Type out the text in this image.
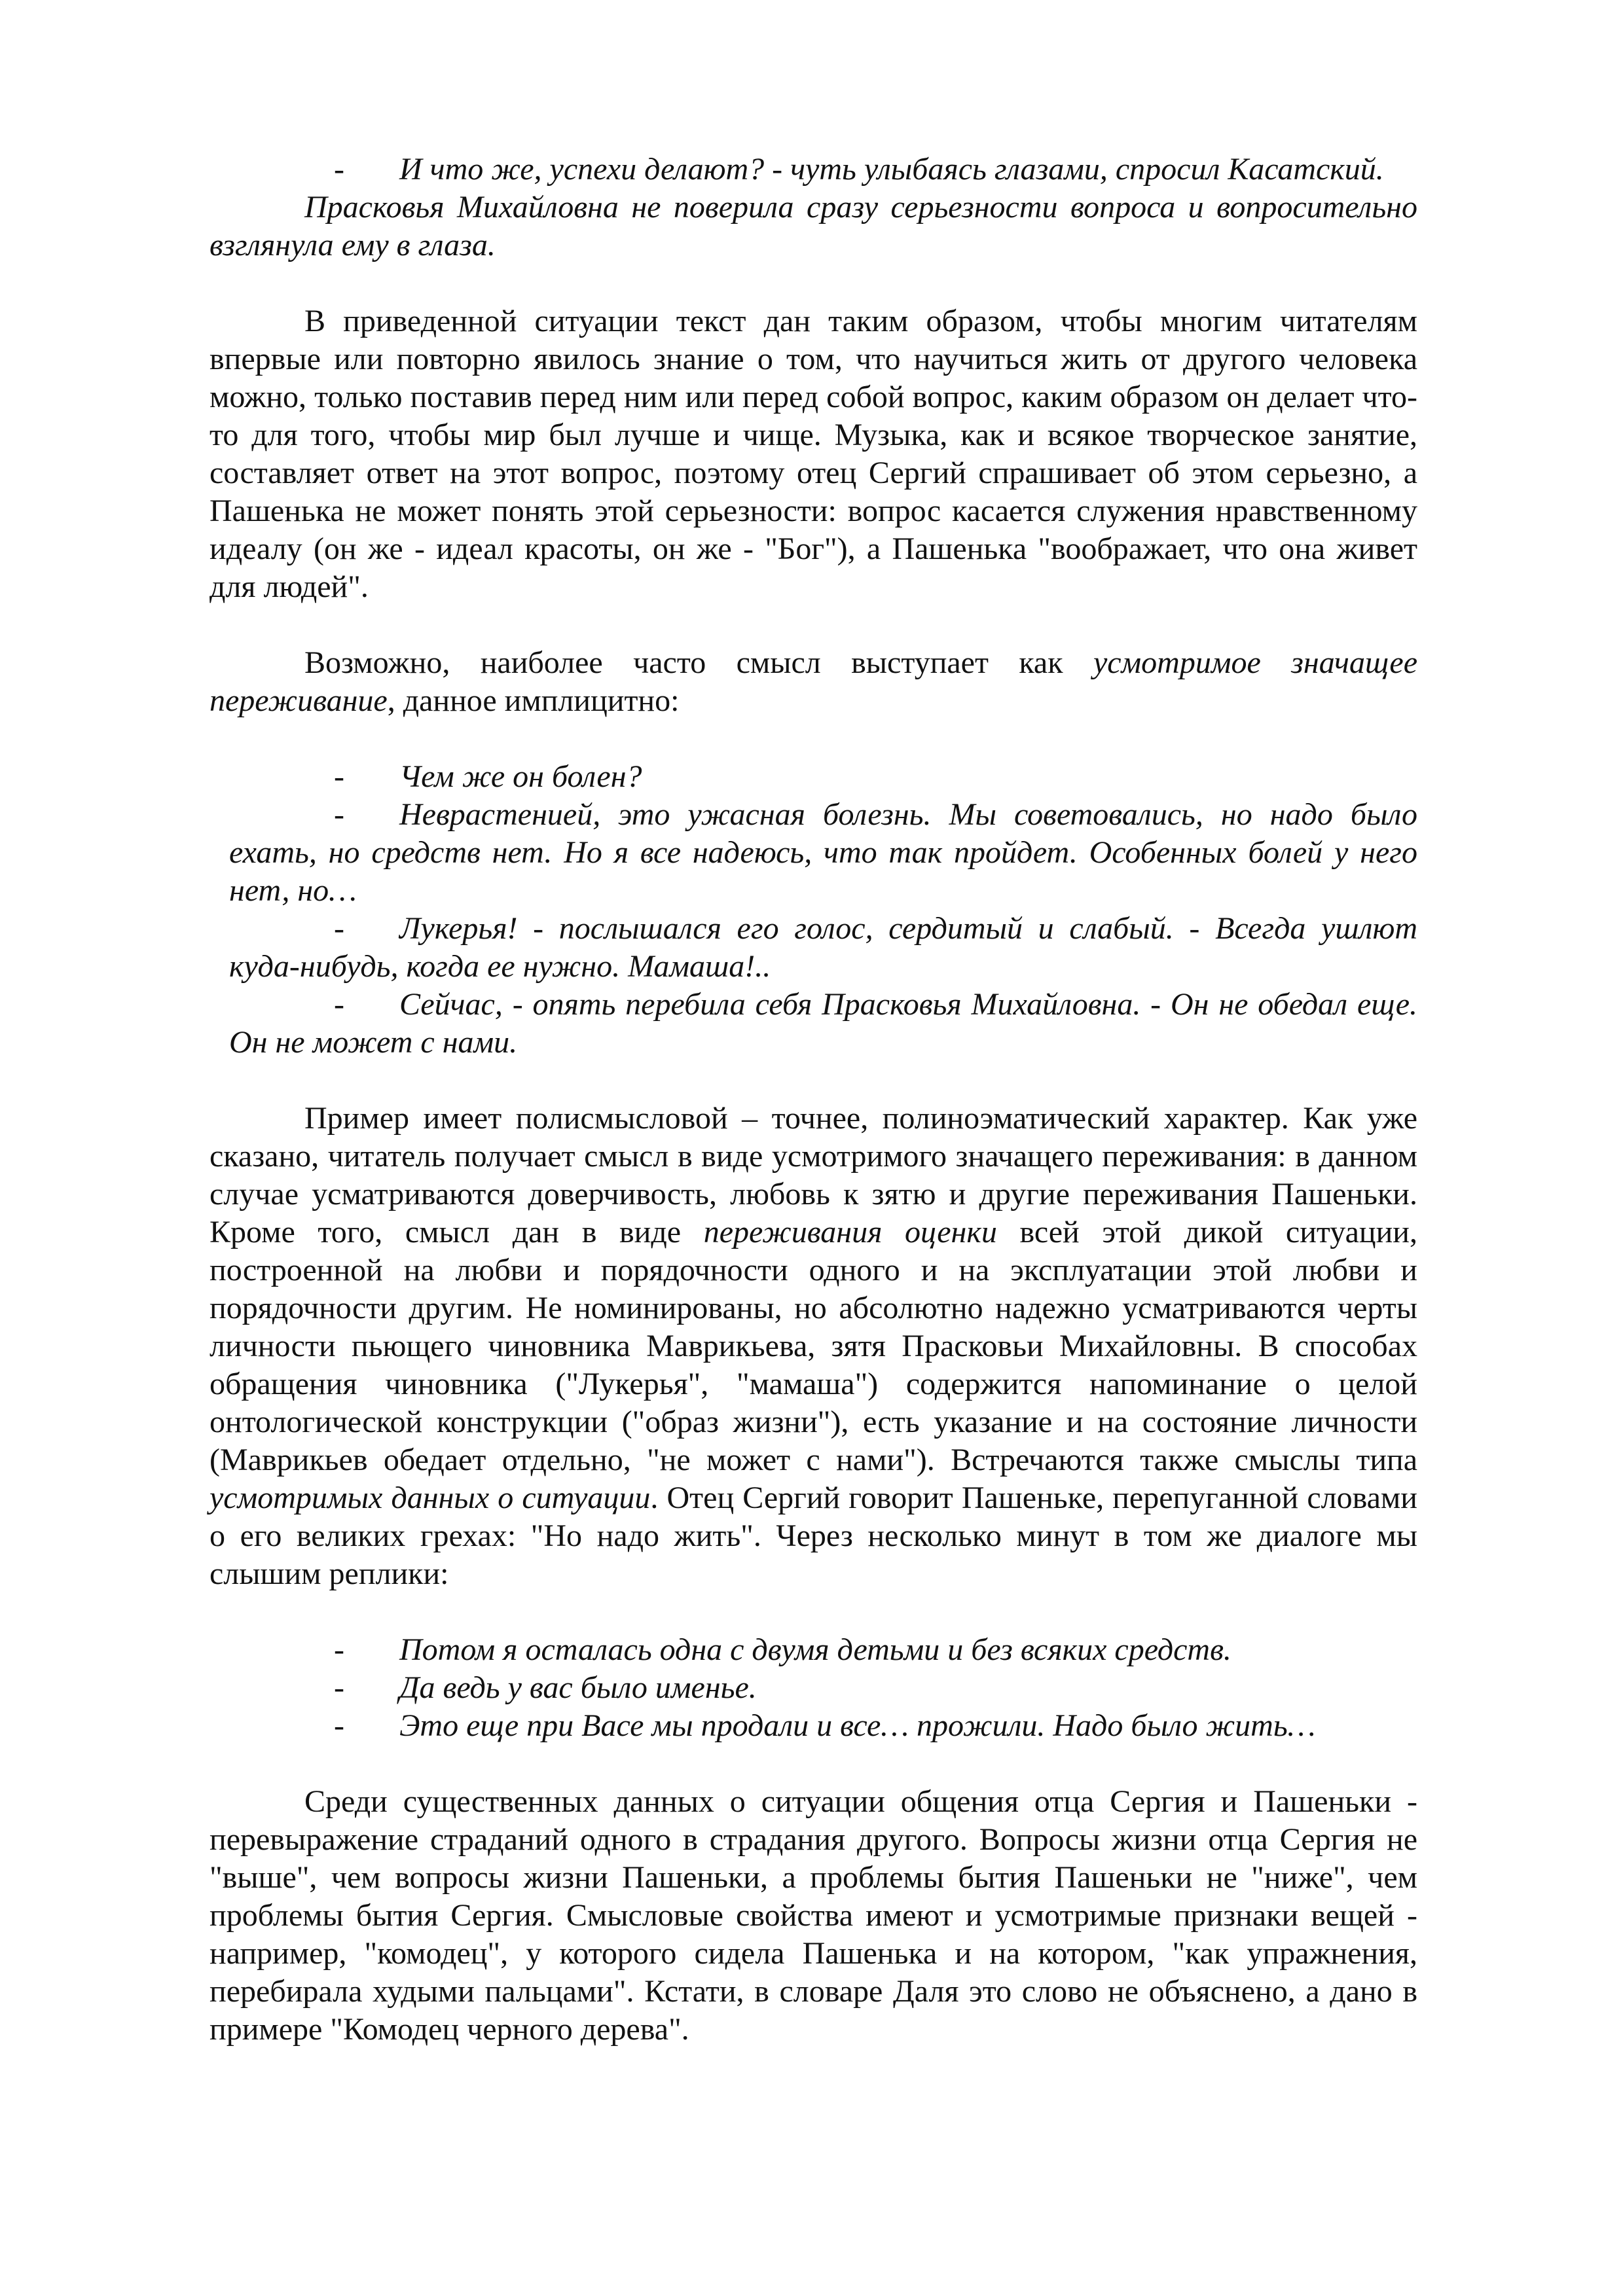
- И что же, успехи делают? - чуть улыбаясь глазами, спросил Касатский.

Прасковья Михайловна не поверила сразу серьезности вопроса и вопросительно взглянула ему в глаза.

В приведенной ситуации текст дан таким образом, чтобы многим читателям впервые или повторно явилось знание о том, что научиться жить от другого человека можно, только поставив перед ним или перед собой вопрос, каким образом он делает что-то для того, чтобы мир был лучше и чище. Музыка, как и всякое творческое занятие, составляет ответ на этот вопрос, поэтому отец Сергий спрашивает об этом серьезно, а Пашенька не может понять этой серьезности: вопрос касается служения нравственному идеалу (он же - идеал красоты, он же - "Бог"), а Пашенька "воображает, что она живет для людей".

Возможно, наиболее часто смысл выступает как усмотримое значащее переживание, данное имплицитно:

- Чем же он болен?

- Неврастенией, это ужасная болезнь. Мы советовались, но надо было ехать, но средств нет. Но я все надеюсь, что так пройдет. Особенных болей у него нет, но…

- Лукерья! - послышался его голос, сердитый и слабый. - Всегда ушлют куда-нибудь, когда ее нужно. Мамаша!..

- Сейчас, - опять перебила себя Прасковья Михайловна. - Он не обедал еще. Он не может с нами.

Пример имеет полисмысловой – точнее, полиноэматический характер. Как уже сказано, читатель получает смысл в виде усмотримого значащего переживания: в данном случае усматриваются доверчивость, любовь к зятю и другие переживания Пашеньки. Кроме того, смысл дан в виде переживания оценки всей этой дикой ситуации, построенной на любви и порядочности одного и на эксплуатации этой любви и порядочности другим. Не номинированы, но абсолютно надежно усматриваются черты личности пьющего чиновника Маврикьева, зятя Прасковьи Михайловны. В способах обращения чиновника ("Лукерья", "мамаша") содержится напоминание о целой онтологической конструкции ("образ жизни"), есть указание и на состояние личности (Маврикьев обедает отдельно, "не может с нами"). Встречаются также смыслы типа усмотримых данных о ситуации. Отец Сергий говорит Пашеньке, перепуганной словами о его великих грехах: "Но надо жить". Через несколько минут в том же диалоге мы слышим реплики:

- Потом я осталась одна с двумя детьми и без всяких средств.

- Да ведь у вас было именье.

- Это еще при Васе мы продали и все… прожили. Надо было жить…

Среди существенных данных о ситуации общения отца Сергия и Пашеньки - перевыражение страданий одного в страдания другого. Вопросы жизни отца Сергия не "выше", чем вопросы жизни Пашеньки, а проблемы бытия Пашеньки не "ниже", чем проблемы бытия Сергия. Смысловые свойства имеют и усмотримые признаки вещей - например, "комодец", у которого сидела Пашенька и на котором, "как упражнения, перебирала худыми пальцами". Кстати, в словаре Даля это слово не объяснено, а дано в примере "Комодец черного дерева".
